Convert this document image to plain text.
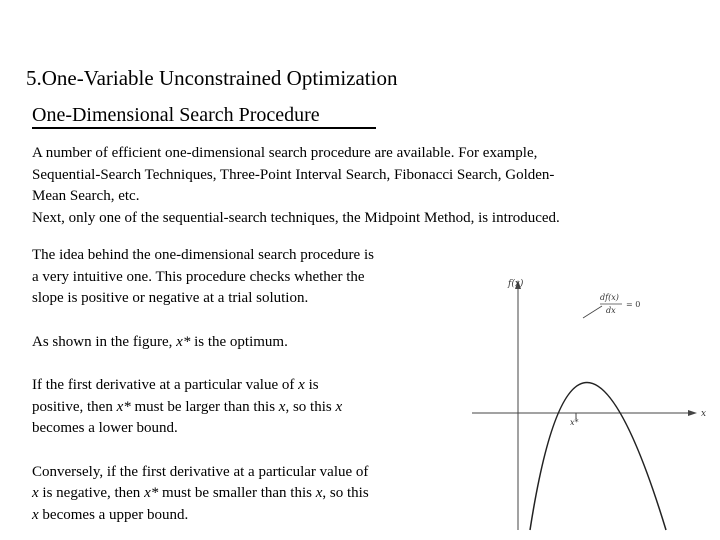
5.One-Variable Unconstrained Optimization
One-Dimensional Search Procedure
A number of efficient one-dimensional search procedure are available. For example,
Sequential-Search Techniques, Three-Point Interval Search, Fibonacci Search, Golden-
Mean Search, etc.
Next, only one of the sequential-search techniques, the Midpoint Method, is introduced.

The idea behind the one-dimensional search procedure is
a very intuitive one. This procedure checks whether the
slope is positive or negative at a trial solution.

As shown in the figure, x* is the optimum.

If the first derivative at a particular value of x is
positive, then x* must be larger than this x, so this x
becomes a lower bound.

Conversely, if the first derivative at a particular value of
x is negative, then x* must be smaller than this x, so this
x becomes a upper bound.

f(x)
x
x*
df(x)
dx
= 0
